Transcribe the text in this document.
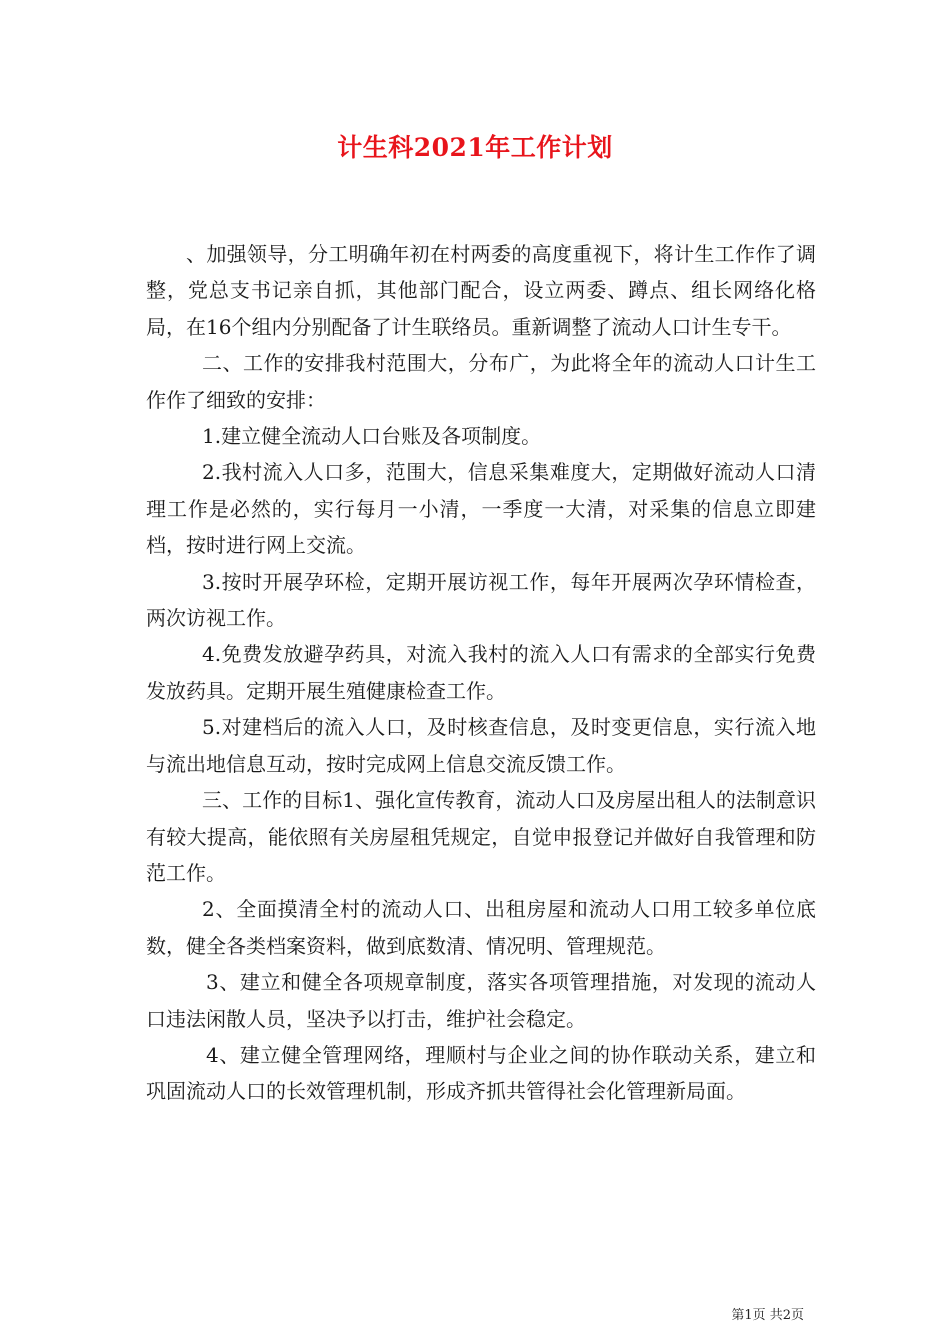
计生科2021年工作计划

、加强领导，分工明确年初在村两委的高度重视下，将计生工作作了调整，党总支书记亲自抓，其他部门配合，设立两委、蹲点、组长网络化格局，在16个组内分别配备了计生联络员。重新调整了流动人口计生专干。

二、工作的安排我村范围大，分布广，为此将全年的流动人口计生工作作了细致的安排：

1.建立健全流动人口台账及各项制度。

2.我村流入人口多，范围大，信息采集难度大，定期做好流动人口清理工作是必然的，实行每月一小清，一季度一大清，对采集的信息立即建档，按时进行网上交流。

3.按时开展孕环检，定期开展访视工作，每年开展两次孕环情检查，两次访视工作。

4.免费发放避孕药具，对流入我村的流入人口有需求的全部实行免费发放药具。定期开展生殖健康检查工作。

5.对建档后的流入人口，及时核查信息，及时变更信息，实行流入地与流出地信息互动，按时完成网上信息交流反馈工作。

三、工作的目标1、强化宣传教育，流动人口及房屋出租人的法制意识有较大提高，能依照有关房屋租凭规定，自觉申报登记并做好自我管理和防范工作。

2、全面摸清全村的流动人口、出租房屋和流动人口用工较多单位底数，健全各类档案资料，做到底数清、情况明、管理规范。

3、建立和健全各项规章制度，落实各项管理措施，对发现的流动人口违法闲散人员，坚决予以打击，维护社会稳定。

4、建立健全管理网络，理顺村与企业之间的协作联动关系，建立和巩固流动人口的长效管理机制，形成齐抓共管得社会化管理新局面。

第1页 共2页
